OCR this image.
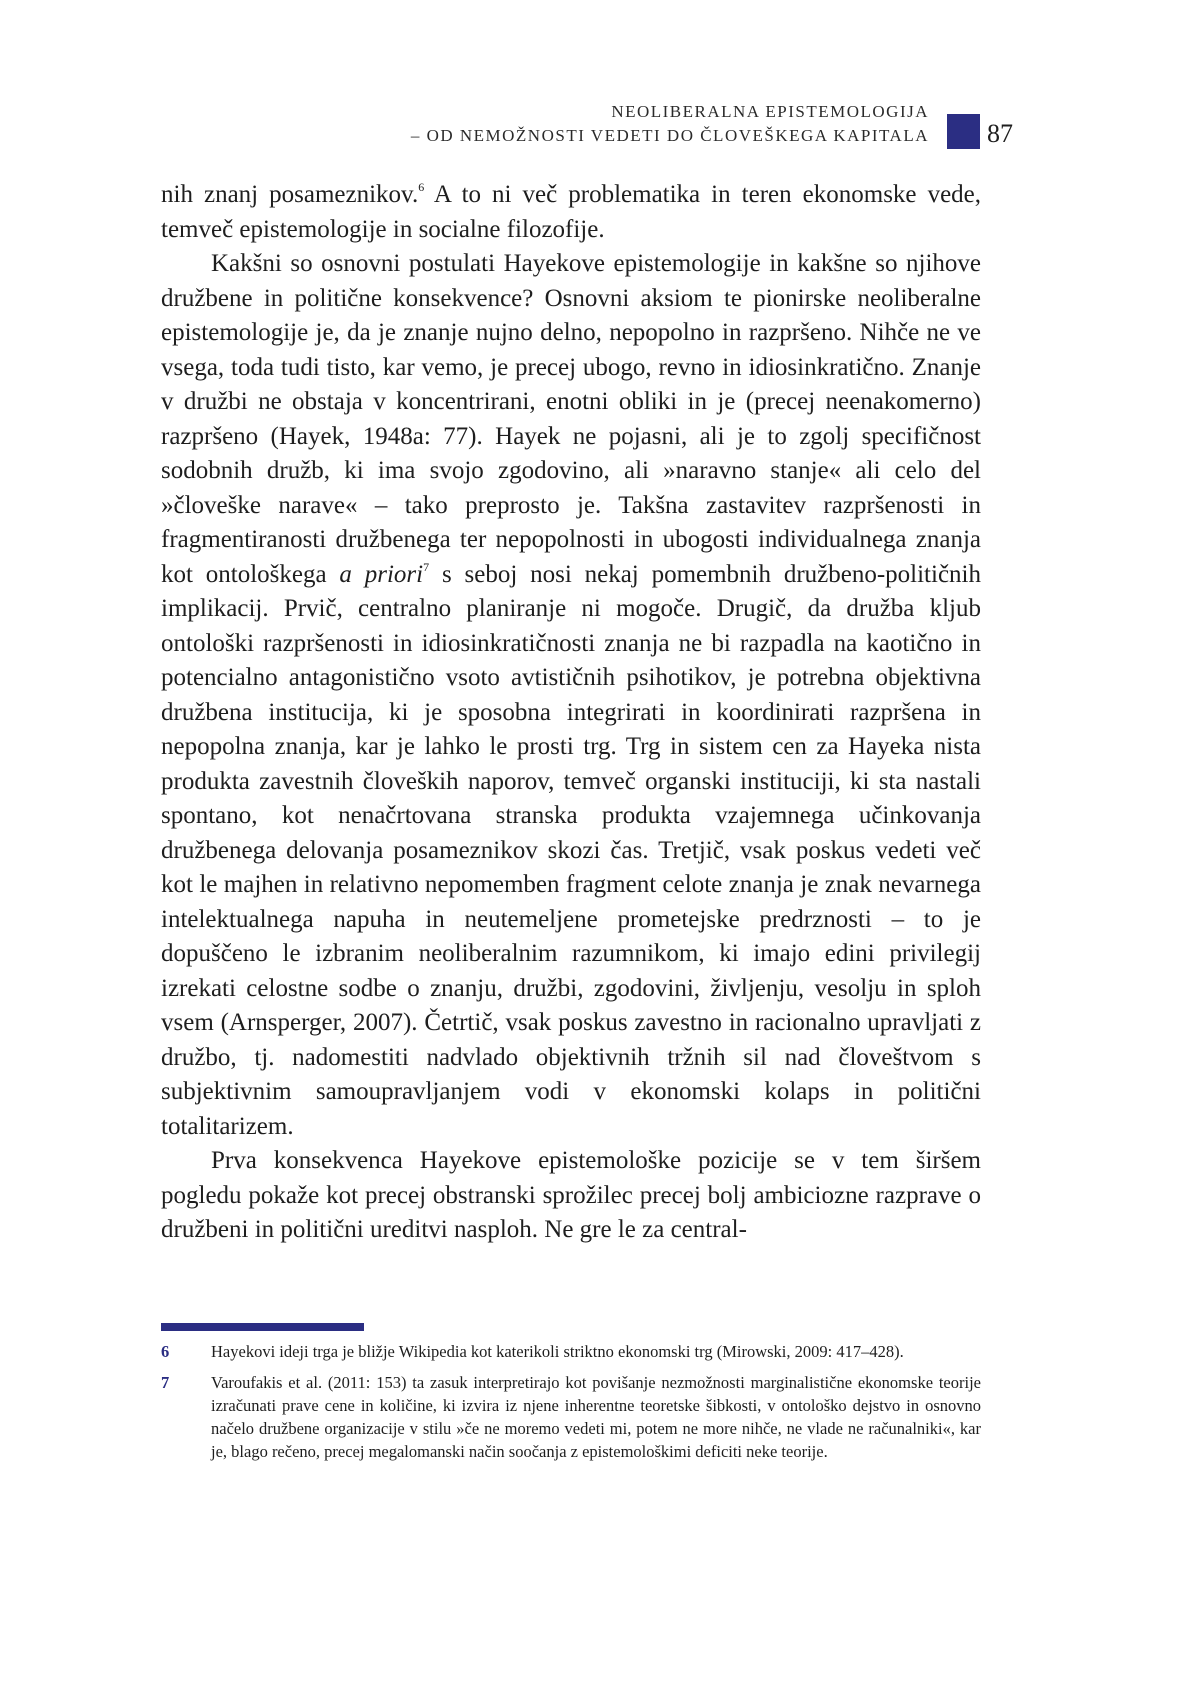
NEOLIBERALNA EPISTEMOLOGIJA
– OD NEMOŽNOSTI VEDETI DO ČLOVEŠKEGA KAPITALA 87

nih znanj posameznikov.$^6$ A to ni več problematika in teren ekonomske vede, temveč epistemologije in socialne filozofije.

Kakšni so osnovni postulati Hayekove epistemologije in kakšne so njihove družbene in politične konsekvence? Osnovni aksiom te pionirske neoliberalne epistemologije je, da je znanje nujno delno, nepopolno in razpršeno. Nihče ne ve vsega, toda tudi tisto, kar vemo, je precej ubogo, revno in idiosinkratično. Znanje v družbi ne obstaja v koncentrirani, enotni obliki in je (precej neenakomerno) razpršeno (Hayek, 1948a: 77). Hayek ne pojasni, ali je to zgolj specifičnost sodobnih družb, ki ima svojo zgodovino, ali »naravno stanje« ali celo del »človeške narave« – tako preprosto je. Takšna zastavitev razpršenosti in fragmentiranosti družbenega ter nepopolnosti in ubogosti individualnega znanja kot ontološkega a priori$^7$ s seboj nosi nekaj pomembnih družbeno-političnih implikacij. Prvič, centralno planiranje ni mogoče. Drugič, da družba kljub ontološki razpršenosti in idiosinkratičnosti znanja ne bi razpadla na kaotično in potencialno antagonistično vsoto avtističnih psihotikov, je potrebna objektivna družbena institucija, ki je sposobna integrirati in koordinirati razpršena in nepopolna znanja, kar je lahko le prosti trg. Trg in sistem cen za Hayeka nista produkta zavestnih človeških naporov, temveč organski instituciji, ki sta nastali spontano, kot nenačrtovana stranska produkta vzajemnega učinkovanja družbenega delovanja posameznikov skozi čas. Tretjič, vsak poskus vedeti več kot le majhen in relativno nepomemben fragment celote znanja je znak nevarnega intelektualnega napuha in neutemeljene prometejske predrznosti – to je dopuščeno le izbranim neoliberalnim razumnikom, ki imajo edini privilegij izrekati celostne sodbe o znanju, družbi, zgodovini, življenju, vesolju in sploh vsem (Arnsperger, 2007). Četrtič, vsak poskus zavestno in racionalno upravljati z družbo, tj. nadomestiti nadvlado objektivnih tržnih sil nad človeštvom s subjektivnim samoupravljanjem vodi v ekonomski kolaps in politični totalitarizem.

Prva konsekvenca Hayekove epistemološke pozicije se v tem širšem pogledu pokaže kot precej obstranski sprožilec precej bolj ambiciozne razprave o družbeni in politični ureditvi nasploh. Ne gre le za central-

6	Hayekovi ideji trga je bližje Wikipedia kot katerikoli striktno ekonomski trg (Mirowski, 2009: 417–428).
7	Varoufakis et al. (2011: 153) ta zasuk interpretirajo kot povišanje nezmožnosti marginalistične ekonomske teorije izračunati prave cene in količine, ki izvira iz njene inherentne teoretske šibkosti, v ontološko dejstvo in osnovno načelo družbene organizacije v stilu »če ne moremo vedeti mi, potem ne more nihče, ne vlade ne računalniki«, kar je, blago rečeno, precej megalomanski način soočanja z epistemološkimi deficiti neke teorije.
